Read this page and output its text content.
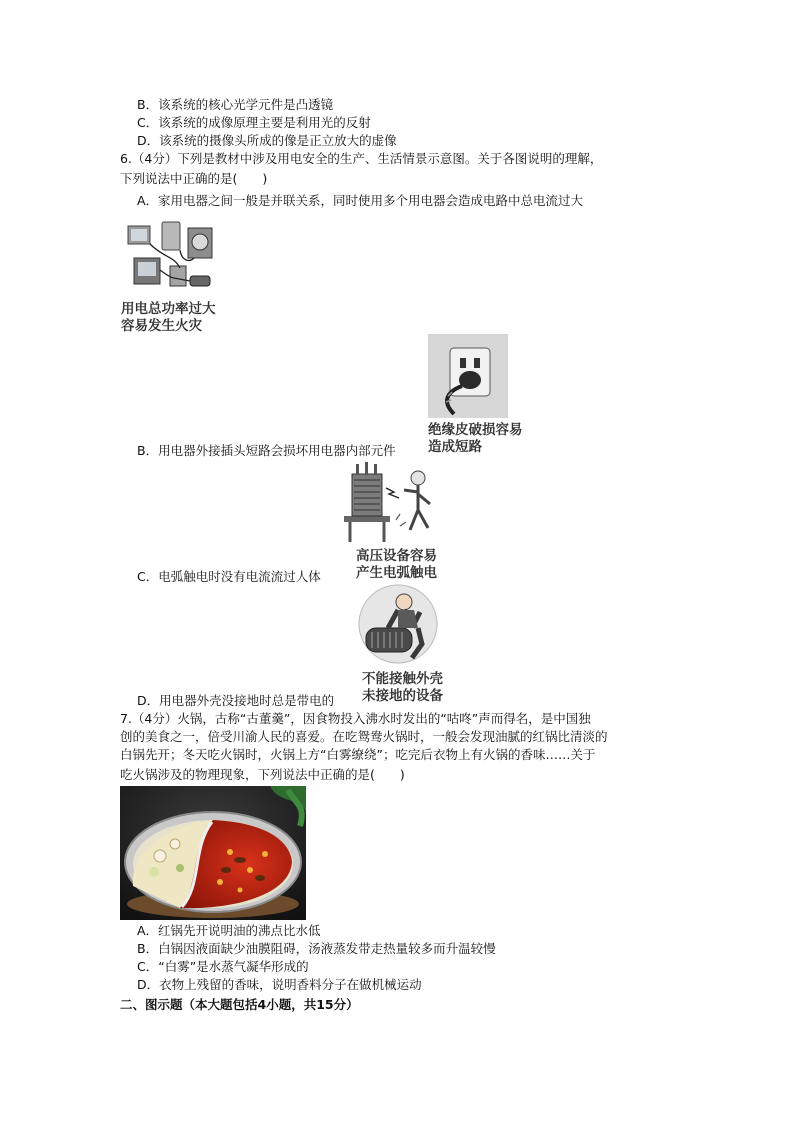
B．该系统的核心光学元件是凸透镜
C．该系统的成像原理主要是利用光的反射
D．该系统的摄像头所成的像是正立放大的虚像
6.（4分）下列是教材中涉及用电安全的生产、生活情景示意图。关于各图说明的理解，
下列说法中正确的是(　　)
A．家用电器之间一般是并联关系，同时使用多个用电器会造成电路中总电流过大
用电总功率过大
容易发生火灾
绝缘皮破损容易
造成短路
B．用电器外接插头短路会损坏用电器内部元件
高压设备容易
产生电弧触电
C．电弧触电时没有电流流过人体
不能接触外壳
未接地的设备
D．用电器外壳没接地时总是带电的
7.（4分）火锅，古称“古董羹”，因食物投入沸水时发出的“咕咚”声而得名，是中国独
创的美食之一，倍受川渝人民的喜爱。在吃鸳鸯火锅时，一般会发现油腻的红锅比清淡的
白锅先开；冬天吃火锅时，火锅上方“白雾缭绕”；吃完后衣物上有火锅的香味……关于
吃火锅涉及的物理现象，下列说法中正确的是(　　)
A．红锅先开说明油的沸点比水低
B．白锅因液面缺少油膜阻碍，汤液蒸发带走热量较多而升温较慢
C．“白雾”是水蒸气凝华形成的
D．衣物上残留的香味，说明香料分子在做机械运动
二、图示题（本大题包括4小题，共15分）
